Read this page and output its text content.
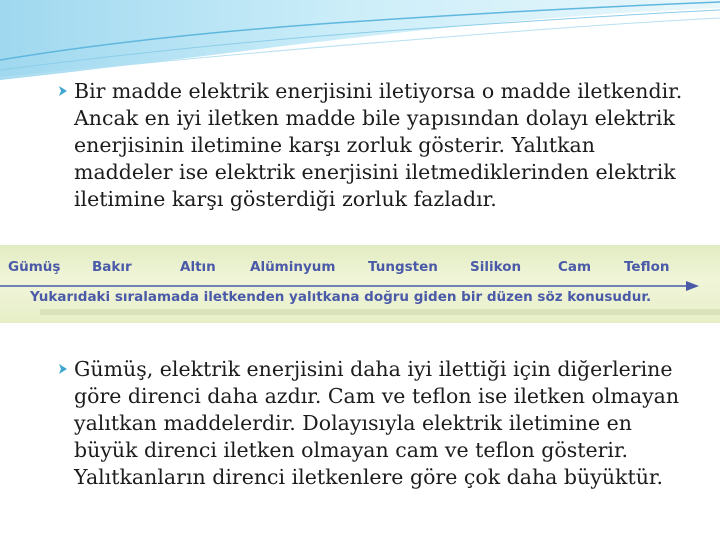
Bir madde elektrik enerjisini iletiyorsa o madde iletkendir. Ancak en iyi iletken madde bile yapısından dolayı elektrik enerjisinin iletimine karşı zorluk gösterir. Yalıtkan maddeler ise elektrik enerjisini iletmediklerinden elektrik iletimine karşı gösterdiği zorluk fazladır.
Gümüş Bakır	Altın	Alüminyum Tungsten Silikon	Cam Teflon
Yukarıdaki sıralamada iletkenden yalıtkana doğru giden bir düzen söz konusudur.
Gümüş, elektrik enerjisini daha iyi ilettiği için diğerlerine göre direnci daha azdır. Cam ve teflon ise iletken olmayan yalıtkan maddelerdir. Dolayısıyla elektrik iletimine en büyük direnci iletken olmayan cam ve teflon gösterir. Yalıtkanların direnci iletkenlere göre çok daha büyüktür.
